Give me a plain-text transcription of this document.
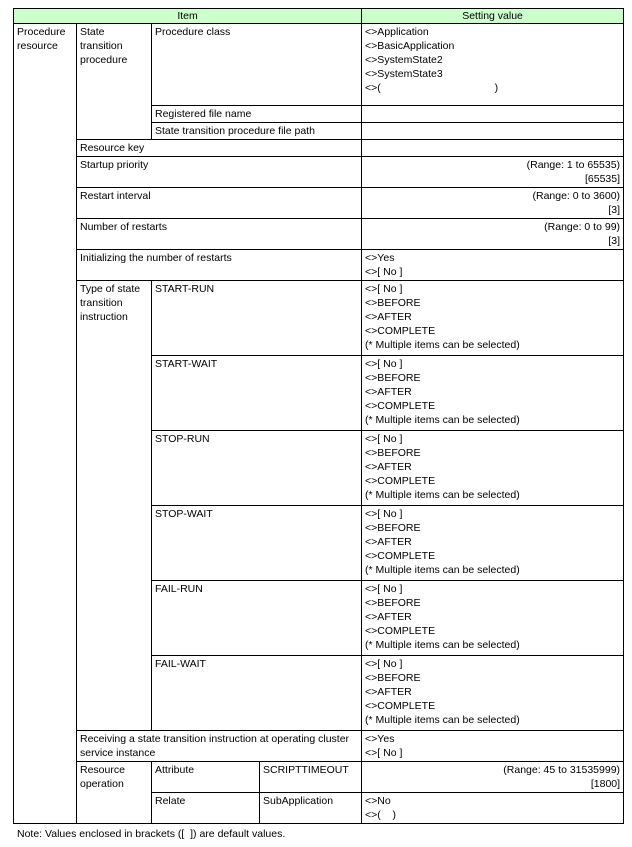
Item				Setting value
Procedure
resource	State
transition
procedure	Procedure class		<>Application
<>BasicApplication
<>SystemState2
<>SystemState3
<>(                                       )

		Registered file name		
		State transition procedure file path		
	Resource key			
	Startup priority			(Range: 1 to 65535)
[65535]

	Restart interval			(Range: 0 to 3600)
[3]

	Number of restarts			(Range: 0 to 99)
[3]

	Initializing the number of restarts			<>Yes
<>[ No ]

	Type of state
transition
instruction	START-RUN		<>[ No ]
<>BEFORE
<>AFTER
<>COMPLETE
(* Multiple items can be selected)

		START-WAIT		<>[ No ]
<>BEFORE
<>AFTER
<>COMPLETE
(* Multiple items can be selected)

		STOP-RUN		<>[ No ]
<>BEFORE
<>AFTER
<>COMPLETE
(* Multiple items can be selected)

		STOP-WAIT		<>[ No ]
<>BEFORE
<>AFTER
<>COMPLETE
(* Multiple items can be selected)

		FAIL-RUN		<>[ No ]
<>BEFORE
<>AFTER
<>COMPLETE
(* Multiple items can be selected)

		FAIL-WAIT		<>[ No ]
<>BEFORE
<>AFTER
<>COMPLETE
(* Multiple items can be selected)

	Receiving a state transition instruction at operating cluster service instance			<>Yes
<>[ No ]

	Resource
operation	Attribute	SCRIPTTIMEOUT	(Range: 45 to 31535999)
[1800]

		Relate	SubApplication	<>No
<>(    )
Note: Values enclosed in brackets ([  ]) are default values.
